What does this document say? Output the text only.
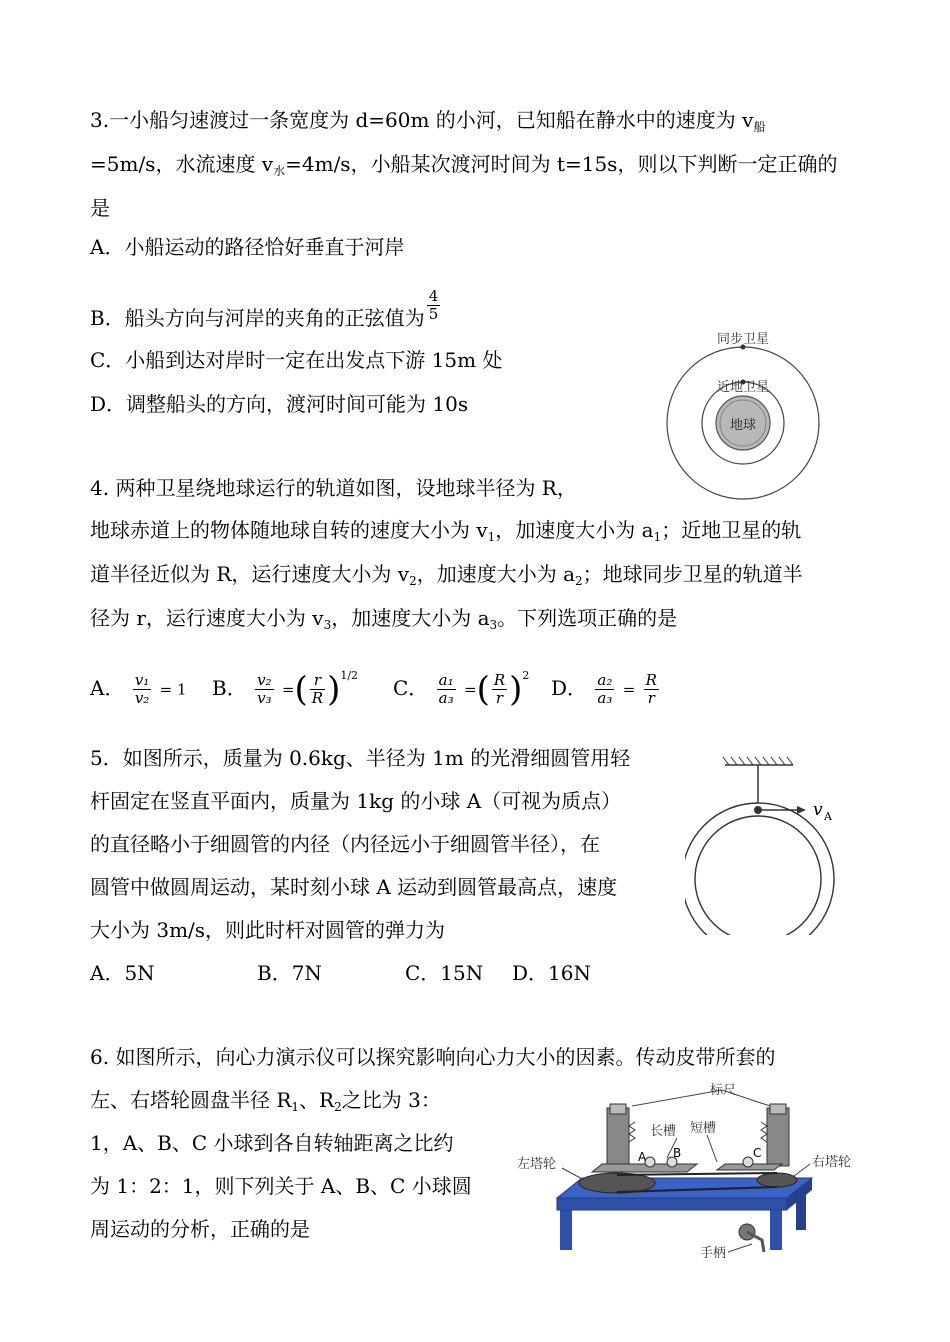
3.一小船匀速渡过一条宽度为 d=60m 的小河，已知船在静水中的速度为 $v_船$
=5m/s，水流速度 $v_水=4m/s$，小船某次渡河时间为 t=15s，则以下判断一定正确的
是
A．小船运动的路径恰好垂直于河岸
B．船头方向与河岸的夹角的正弦值为 $\frac{4}{5}$
C．小船到达对岸时一定在出发点下游 15m 处
D．调整船头的方向，渡河时间可能为 10s
同步卫星
近地卫星
地球
4. 两种卫星绕地球运行的轨道如图，设地球半径为 R，
地球赤道上的物体随地球自转的速度大小为 $v_1$，加速度大小为 $a_1$；近地卫星的轨
道半径近似为 R，运行速度大小为 $v_2$，加速度大小为 $a_2$；地球同步卫星的轨道半
径为 r，运行速度大小为 $v_3$，加速度大小为 $a_3$。下列选项正确的是
A． $\frac{\text{v₁}}{\text{v₂}} = 1$ B． $\frac{\text{v₂}}{\text{v₃}}$ =( $\frac{r}{R} )^{1/2}$
C． $\frac{\text{a₁}}{\text{a₃}}$ =( $\frac{R}{r} )^2$
D． $\frac{\text{a₂}}{\text{a₃}} = \frac{R}{r}$
5．如图所示，质量为 0.6kg、半径为 1m 的光滑细圆管用轻
杆固定在竖直平面内，质量为 1kg 的小球 A（可视为质点）
的直径略小于细圆管的内径（内径远小于细圆管半径），在
圆管中做圆周运动，某时刻小球 A 运动到圆管最高点，速度
大小为 3m/s，则此时杆对圆管的弹力为
A．5N	B．7N	C．15N D．16N
v A
6. 如图所示，向心力演示仪可以探究影响向心力大小的因素。传动皮带所套的
左、右塔轮圆盘半径 $R_1$、$R_2$之比为 3：
1，A、B、C 小球到各自转轴距离之比约
为 1：2：1，则下列关于 A、B、C 小球圆
周运动的分析，正确的是
A B	C
标尺
长槽 短槽
左塔轮	右塔轮
手柄
